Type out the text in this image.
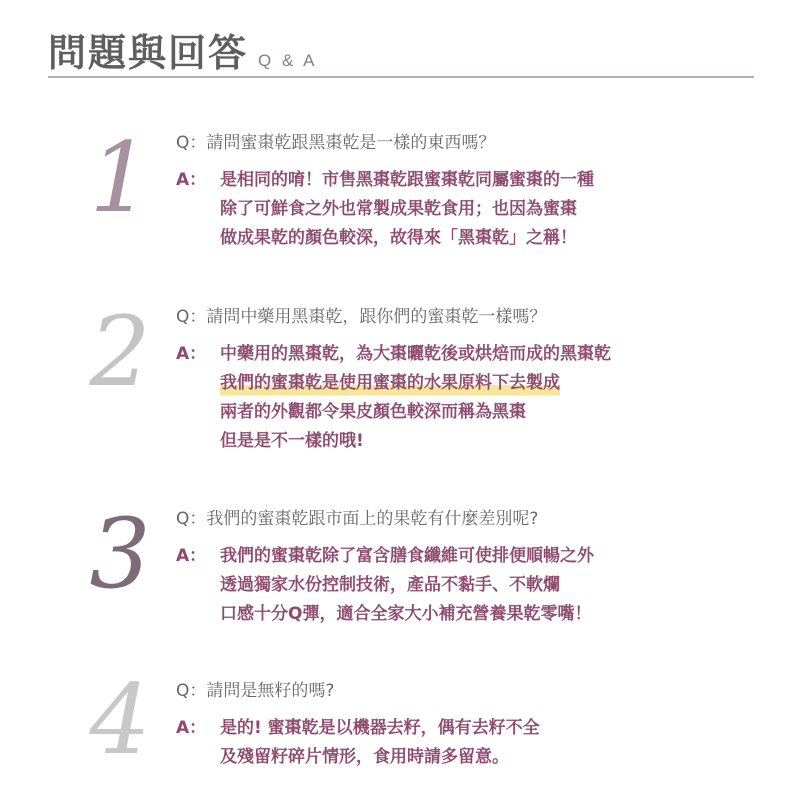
問題與回答 Q & A
1	Q：請問蜜棗乾跟黑棗乾是一樣的東西嗎？
A： 是相同的唷！市售黑棗乾跟蜜棗乾同屬蜜棗的一種
除了可鮮食之外也常製成果乾食用；也因為蜜棗
做成果乾的顏色較深，故得來「黑棗乾」之稱！
2	Q：請問中藥用黑棗乾，跟你們的蜜棗乾一樣嗎？
A： 中藥用的黑棗乾，為大棗曬乾後或烘焙而成的黑棗乾
我們的蜜棗乾是使用蜜棗的水果原料下去製成
兩者的外觀都令果皮顏色較深而稱為黑棗
但是是不一樣的哦!
3	Q：我們的蜜棗乾跟市面上的果乾有什麼差別呢?
A： 我們的蜜棗乾除了富含膳食纖維可使排便順暢之外
透過獨家水份控制技術，產品不黏手、不軟爛
口感十分Q彈，適合全家大小補充營養果乾零嘴！
4	Q：請問是無籽的嗎?
A： 是的! 蜜棗乾是以機器去籽，偶有去籽不全
及殘留籽碎片情形，食用時請多留意。
